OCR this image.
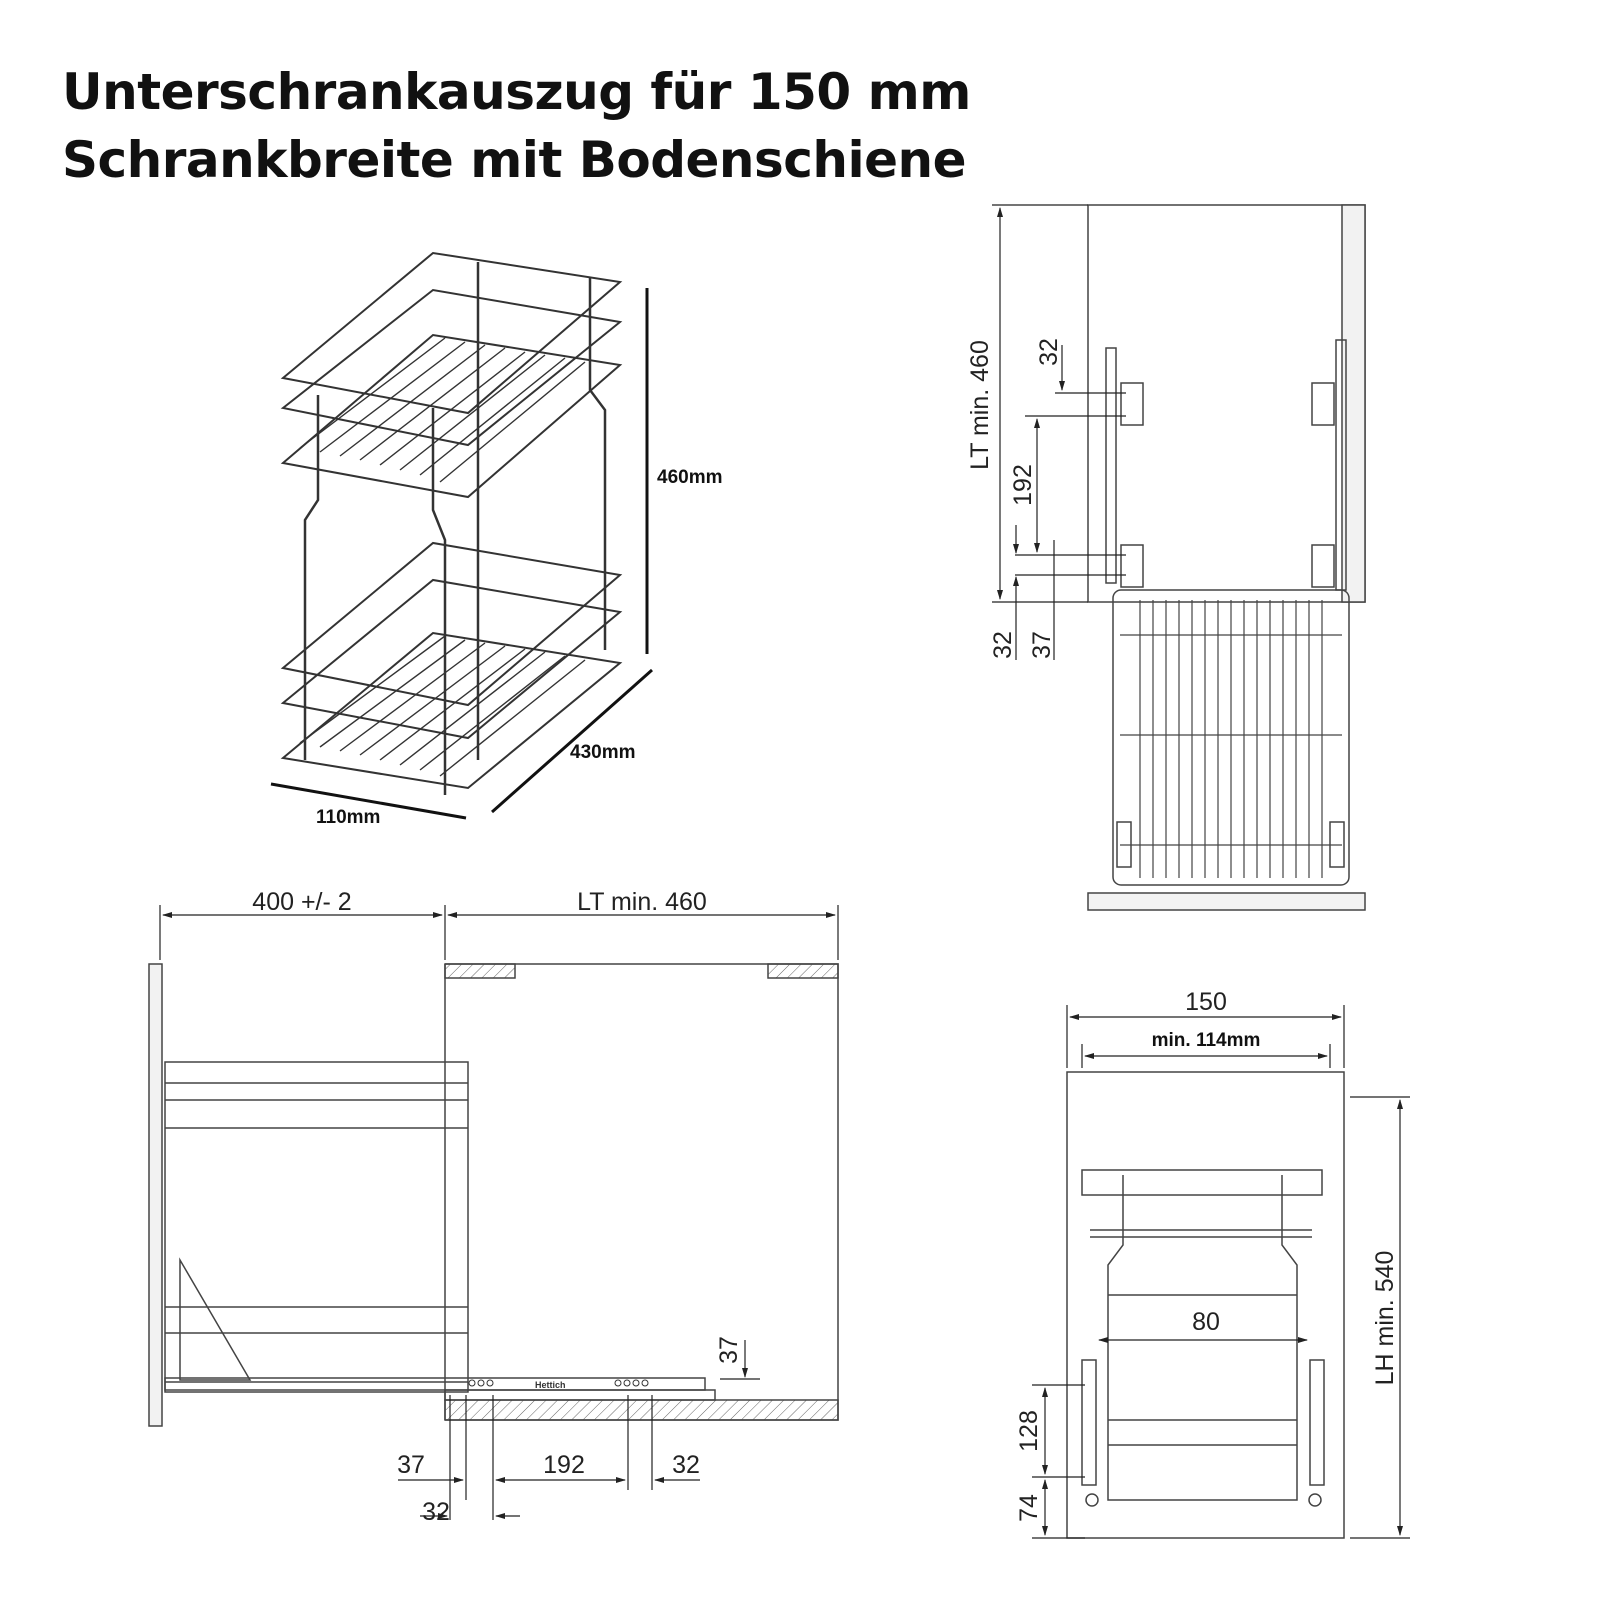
Unterschrankauszug für 150 mm
Schrankbreite mit Bodenschiene
460mm
430mm
110mm
LT min. 460 32
192
32 37
Hettich
400 +/- 2	LT min. 460
37
37	192	32
32
150
min. 114mm
LH min. 540
80
128
74
